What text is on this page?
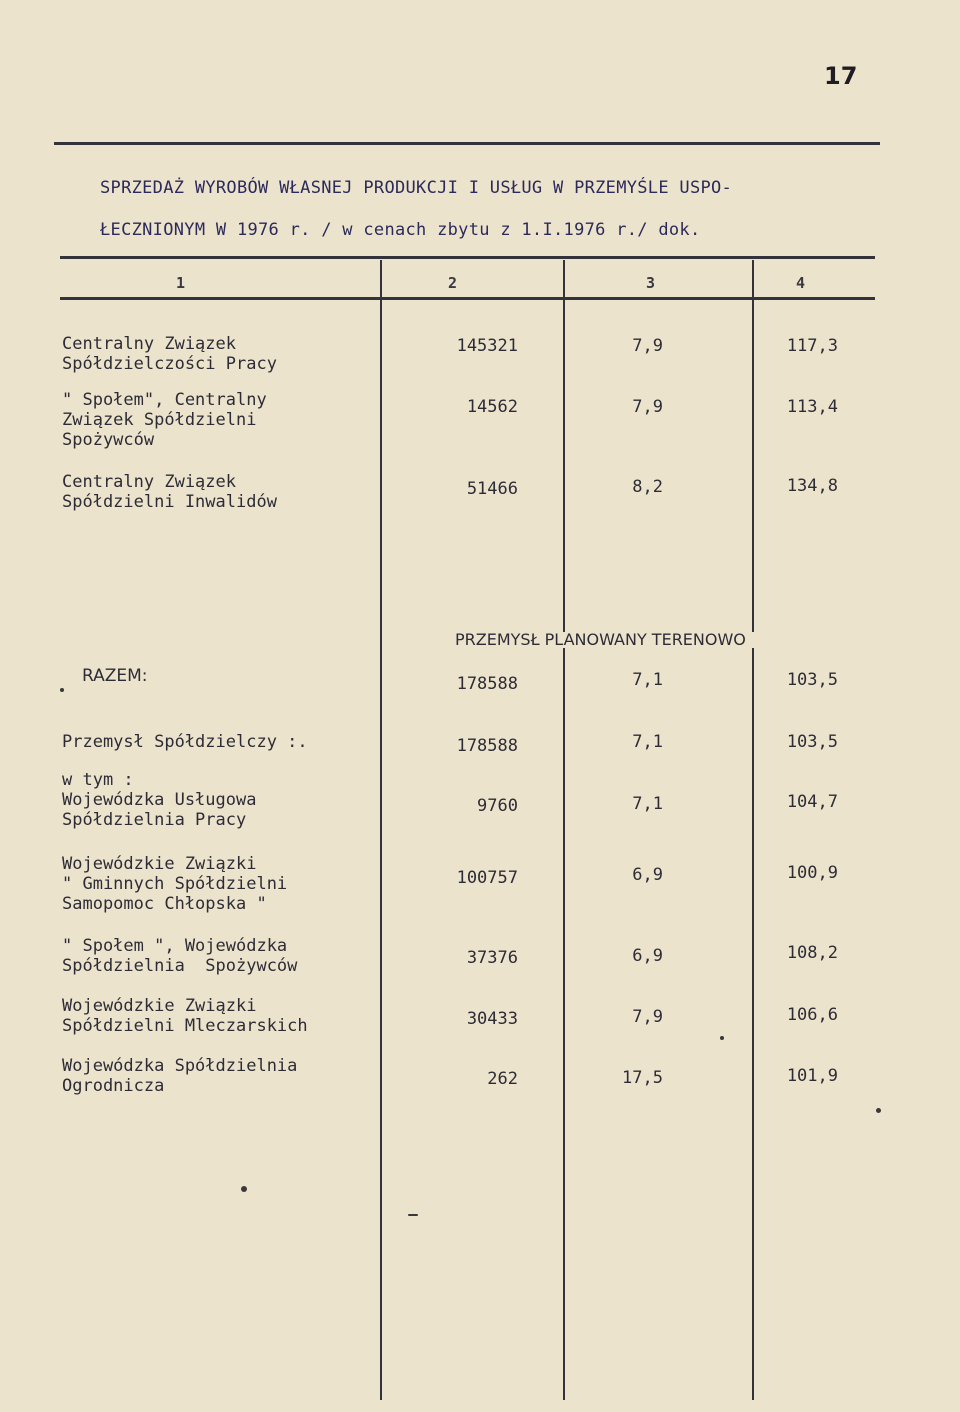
17
SPRZEDAŻ WYROBÓW WŁASNEJ PRODUKCJI I USŁUG W PRZEMYŚLE USPO-
ŁECZNIONYM W 1976 r. / w cenach zbytu z 1.I.1976 r./ dok.
1	2	3	4
Centralny Związek
Spółdzielczości Pracy
145321	7,9	117,3
" Społem", Centralny
Związek Spółdzielni
Spożywców
14562	7,9	113,4
Centralny Związek
Spółdzielni Inwalidów
51466	8,2	134,8
PRZEMYSŁ PLANOWANY TERENOWO
RAZEM:	178588	7,1	103,5
Przemysł Spółdzielczy :.	178588	7,1	103,5
w tym :
Wojewódzka Usługowa
Spółdzielnia Pracy
9760	7,1	104,7
Wojewódzkie Związki
" Gminnych Spółdzielni
Samopomoc Chłopska "
100757	6,9	100,9
" Społem ", Wojewódzka
Spółdzielnia  Spożywców	37376	6,9	108,2
Wojewódzkie Związki
Spółdzielni Mleczarskich	30433	7,9	106,6
Wojewódzka Spółdzielnia
Ogrodnicza	262	17,5	101,9
